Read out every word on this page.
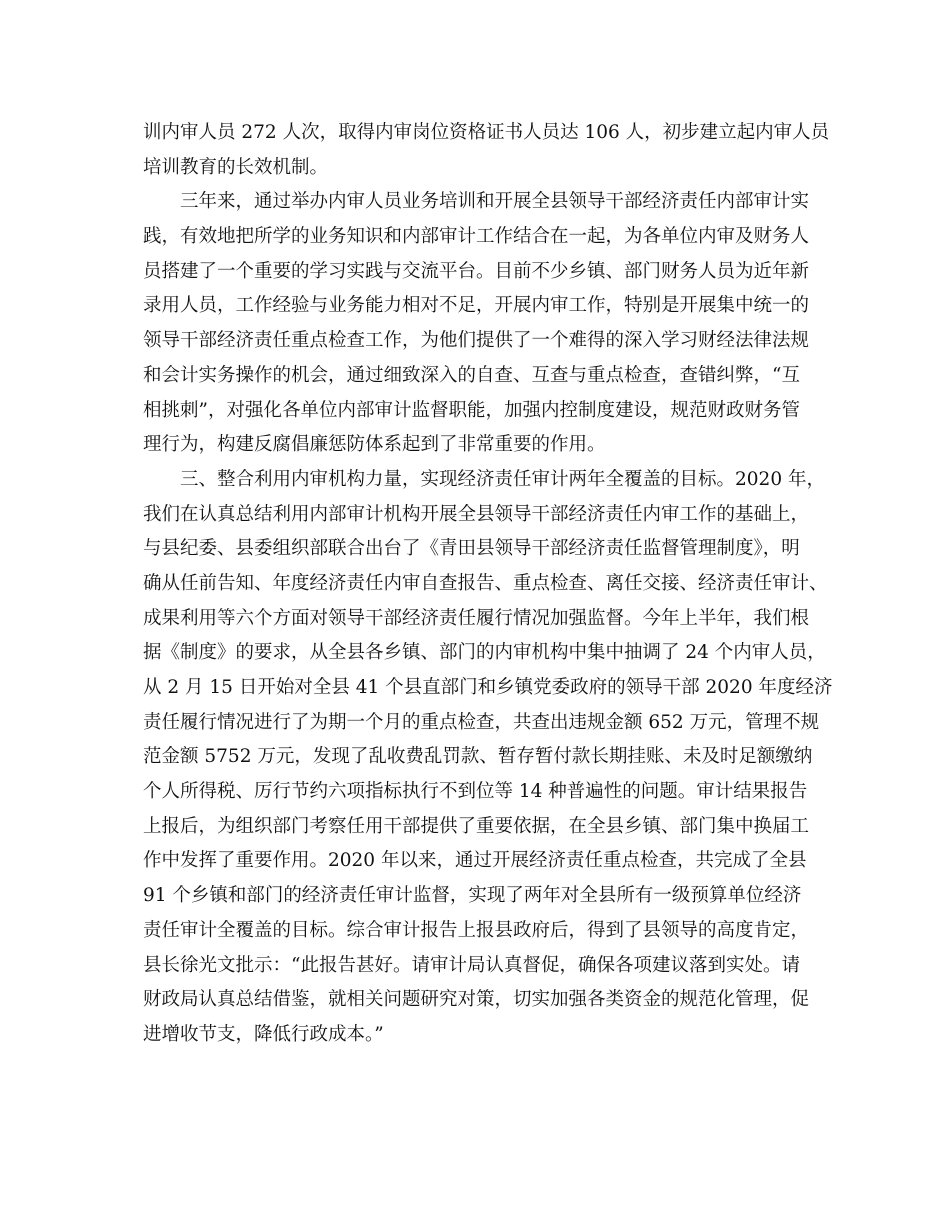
训内审人员 272 人次，取得内审岗位资格证书人员达 106 人，初步建立起内审人员
培训教育的长效机制。
　　三年来，通过举办内审人员业务培训和开展全县领导干部经济责任内部审计实
践，有效地把所学的业务知识和内部审计工作结合在一起，为各单位内审及财务人
员搭建了一个重要的学习实践与交流平台。目前不少乡镇、部门财务人员为近年新
录用人员，工作经验与业务能力相对不足，开展内审工作，特别是开展集中统一的
领导干部经济责任重点检查工作，为他们提供了一个难得的深入学习财经法律法规
和会计实务操作的机会，通过细致深入的自查、互查与重点检查，查错纠弊，“互
相挑刺”，对强化各单位内部审计监督职能，加强内控制度建设，规范财政财务管
理行为，构建反腐倡廉惩防体系起到了非常重要的作用。
　　三、整合利用内审机构力量，实现经济责任审计两年全覆盖的目标。2020 年，
我们在认真总结利用内部审计机构开展全县领导干部经济责任内审工作的基础上，
与县纪委、县委组织部联合出台了《青田县领导干部经济责任监督管理制度》，明
确从任前告知、年度经济责任内审自查报告、重点检查、离任交接、经济责任审计、
成果利用等六个方面对领导干部经济责任履行情况加强监督。今年上半年，我们根
据《制度》的要求，从全县各乡镇、部门的内审机构中集中抽调了 24 个内审人员，
从 2 月 15 日开始对全县 41 个县直部门和乡镇党委政府的领导干部 2020 年度经济
责任履行情况进行了为期一个月的重点检查，共查出违规金额 652 万元，管理不规
范金额 5752 万元，发现了乱收费乱罚款、暂存暂付款长期挂账、未及时足额缴纳
个人所得税、厉行节约六项指标执行不到位等 14 种普遍性的问题。审计结果报告
上报后，为组织部门考察任用干部提供了重要依据，在全县乡镇、部门集中换届工
作中发挥了重要作用。2020 年以来，通过开展经济责任重点检查，共完成了全县
91 个乡镇和部门的经济责任审计监督，实现了两年对全县所有一级预算单位经济
责任审计全覆盖的目标。综合审计报告上报县政府后，得到了县领导的高度肯定，
县长徐光文批示：“此报告甚好。请审计局认真督促，确保各项建议落到实处。请
财政局认真总结借鉴，就相关问题研究对策，切实加强各类资金的规范化管理，促
进增收节支，降低行政成本。”
